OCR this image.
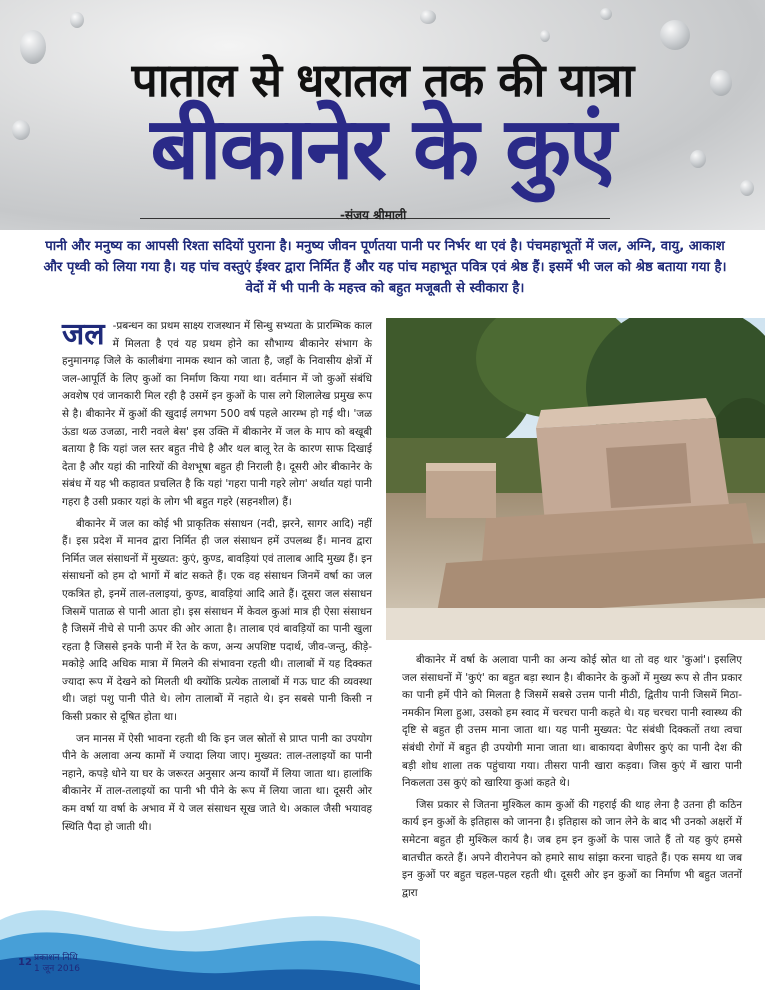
पाताल से धरातल तक की यात्रा
बीकानेर के कुएं
-संजय श्रीमाली
पानी और मनुष्य का आपसी रिश्ता सदियों पुराना है। मनुष्य जीवन पूर्णतया पानी पर निर्भर था एवं है। पंचमहाभूतों में जल, अग्नि, वायु, आकाश और पृथ्वी को लिया गया है। यह पांच वस्तुएं ईश्वर द्वारा निर्मित हैं और यह पांच महाभूत पवित्र एवं श्रेष्ठ हैं। इसमें भी जल को श्रेष्ठ बताया गया है। वेदों में भी पानी के महत्त्व को बहुत मजूबती से स्वीकारा है।

जल -प्रबन्धन का प्रथम साक्ष्य राजस्थान में सिन्धु सभ्यता के प्रारम्भिक काल में मिलता है एवं यह प्रथम होने का सौभाग्य बीकानेर संभाग के हनुमानगढ़ जिले के कालीबंगा नामक स्थान को जाता है, जहाँ के निवासीय क्षेत्रों में जल-आपूर्ति के लिए कुओं का निर्माण किया गया था। वर्तमान में जो कुओं संबंधि अवशेष एवं जानकारी मिल रही है उसमें इन कुओं के पास लगे शिलालेख प्रमुख रूप से है। बीकानेर में कुओं की खुदाई लगभग 500 वर्ष पहले आरम्भ हो गई थी। 'जळ ऊंडा थळ उजळा, नारी नवले बेस' इस उक्ति में बीकानेर में जल के माप को बखूबी बताया है कि यहां जल स्तर बहुत नीचे है और थल बालू रेत के कारण साफ दिखाई देता है और यहां की नारियों की वेशभूषा बहुत ही निराली है। दूसरी ओर बीकानेर के संबंध में यह भी कहावत प्रचलित है कि यहां 'गहरा पानी गहरे लोग' अर्थात यहां पानी गहरा है उसी प्रकार यहां के लोग भी बहुत गहरे (सहनशील) हैं।

बीकानेर में जल का कोई भी प्राकृतिक संसाधन (नदी, झरने, सागर आदि) नहीं हैं। इस प्रदेश में मानव द्वारा निर्मित ही जल संसाधन हमें उपलब्ध हैं। मानव द्वारा निर्मित जल संसाधनों में मुख्यत: कुएं, कुण्ड, बावड़ियां एवं तालाब आदि मुख्य हैं। इन संसाधनों को हम दो भागों में बांट सकते हैं। एक वह संसाधन जिनमें वर्षा का जल एकत्रित हो, इनमें ताल-तलाइयां, कुण्ड, बावड़ियां आदि आते हैं। दूसरा जल संसाधन जिसमें पाताळ से पानी आता हो। इस संसाधन में केवल कुआं मात्र ही ऐसा संसाधन है जिसमें नीचे से पानी ऊपर की ओर आता है। तालाब एवं बावड़ियों का पानी खुला रहता है जिससे इनके पानी में रेत के कण, अन्य अपशिष्ट पदार्थ, जीव-जन्तु, कीड़े-मकोड़े आदि अधिक मात्रा में मिलने की संभावना रहती थी। तालाबों में यह दिक्कत ज्यादा रूप में देखने को मिलती थी क्योंकि प्रत्येक तालाबों में गऊ घाट की व्यवस्था थी। जहां पशु पानी पीते थे। लोग तालाबों में नहाते थे। इन सबसे पानी किसी न किसी प्रकार से दूषित होता था।

जन मानस में ऐसी भावना रहती थी कि इन जल स्रोतों से प्राप्त पानी का उपयोग पीने के अलावा अन्य कामों में ज्यादा लिया जाए। मुख्यत: ताल-तलाइयों का पानी नहाने, कपड़े धोने या घर के जरूरत अनुसार अन्य कार्यों में लिया जाता था। हालांकि बीकानेर में ताल-तलाइयों का पानी भी पीने के रूप में लिया जाता था। दूसरी ओर कम वर्षा या वर्षा के अभाव में ये जल संसाधन सूख जाते थे। अकाल जैसी भयावह स्थिति पैदा हो जाती थी।

बीकानेर में वर्षा के अलावा पानी का अन्य कोई स्रोत था तो वह थार 'कुआं'। इसलिए जल संसाधनों में 'कुएं' का बहुत बड़ा स्थान है। बीकानेर के कुओं में मुख्य रूप से तीन प्रकार का पानी हमें पीने को मिलता है जिसमें सबसे उत्तम पानी मीठी, द्वितीय पानी जिसमें मिठा-नमकीन मिला हुआ, उसको हम स्वाद में चरचरा पानी कहते थे। यह चरचरा पानी स्वास्थ्य की दृष्टि से बहुत ही उत्तम माना जाता था। यह पानी मुख्यत: पेट संबंधी दिक्कतों तथा त्वचा संबंधी रोगों में बहुत ही उपयोगी माना जाता था। बाकायदा बेणीसर कुएं का पानी देश की बड़ी शोध शाला तक पहुंचाया गया। तीसरा पानी खारा कड़वा। जिस कुएं में खारा पानी निकलता उस कुएं को खारिया कुआं कहते थे।

जिस प्रकार से जितना मुश्किल काम कुओं की गहराई की थाह लेना है उतना ही कठिन कार्य इन कुओं के इतिहास को जानना है। इतिहास को जान लेने के बाद भी उनको अक्षरों में समेटना बहुत ही मुश्किल कार्य है। जब हम इन कुओं के पास जाते हैं तो यह कुएं हमसे बातचीत करते हैं। अपने वीरानेपन को हमारे साथ सांझा करना चाहते हैं। एक समय था जब इन कुओं पर बहुत चहल-पहल रहती थी। दूसरी ओर इन कुओं का निर्माण भी बहुत जतनों द्वारा

12 प्रकाशन निधि
1 जून 2016
